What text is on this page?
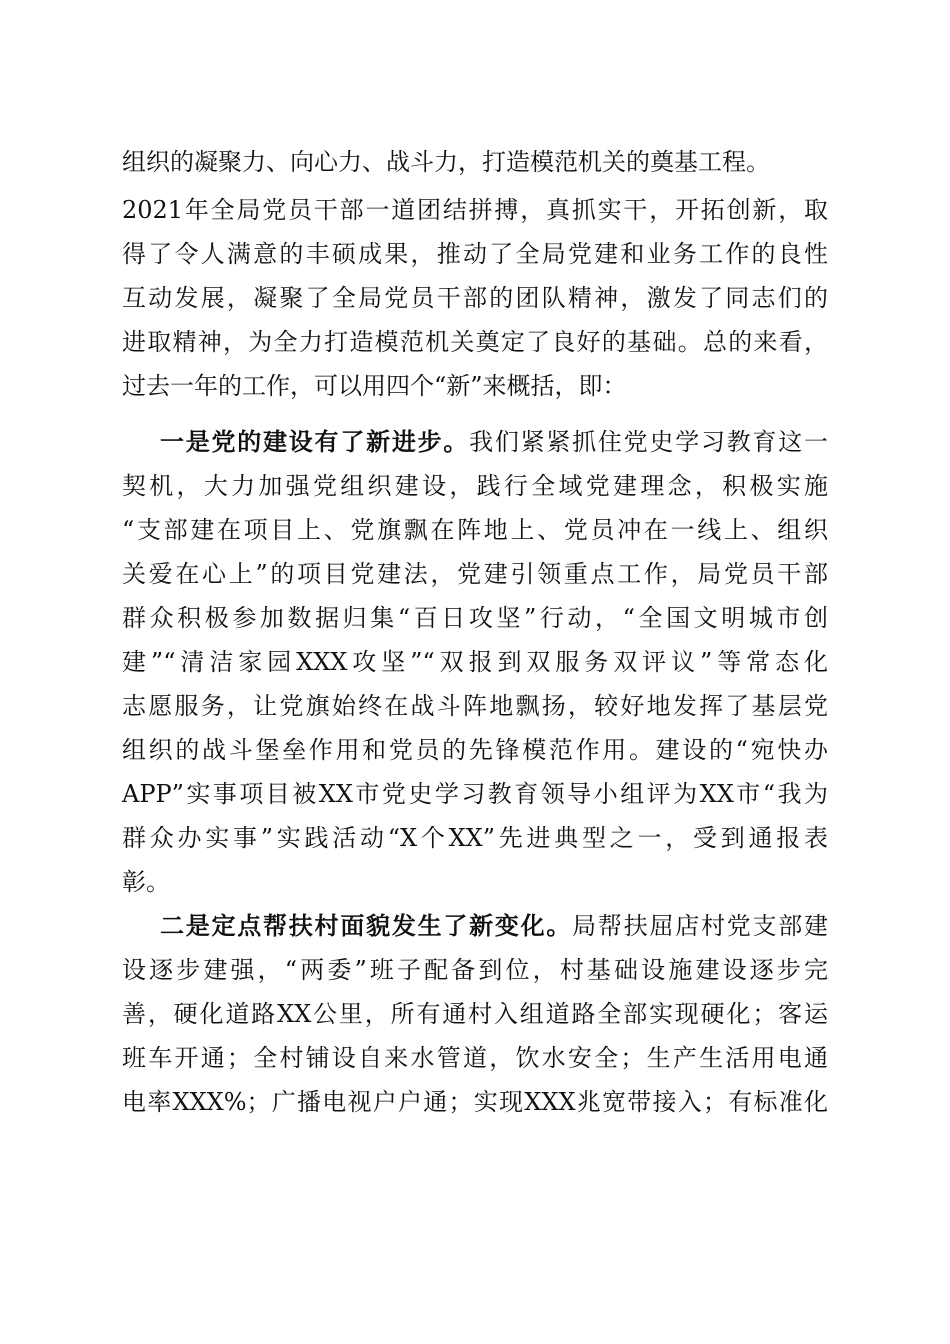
组织的凝聚力、向心力、战斗力，打造模范机关的奠基工程。
2021年全局党员干部一道团结拼搏，真抓实干，开拓创新，取
得了令人满意的丰硕成果，推动了全局党建和业务工作的良性
互动发展，凝聚了全局党员干部的团队精神，激发了同志们的
进取精神，为全力打造模范机关奠定了良好的基础。总的来看，
过去一年的工作，可以用四个“新”来概括，即：
一是党的建设有了新进步。我们紧紧抓住党史学习教育这一
契机，大力加强党组织建设，践行全域党建理念，积极实施
“支部建在项目上、党旗飘在阵地上、党员冲在一线上、组织
关爱在心上”的项目党建法，党建引领重点工作，局党员干部
群众积极参加数据归集“百日攻坚”行动，“全国文明城市创
建”“清洁家园XXX攻坚”“双报到双服务双评议”等常态化
志愿服务，让党旗始终在战斗阵地飘扬，较好地发挥了基层党
组织的战斗堡垒作用和党员的先锋模范作用。建设的“宛快办
APP”实事项目被XX市党史学习教育领导小组评为XX市“我为
群众办实事”实践活动“X个XX”先进典型之一，受到通报表
彰。
二是定点帮扶村面貌发生了新变化。局帮扶屈店村党支部建
设逐步建强，“两委”班子配备到位，村基础设施建设逐步完
善，硬化道路XX公里，所有通村入组道路全部实现硬化；客运
班车开通；全村铺设自来水管道，饮水安全；生产生活用电通
电率XXX%；广播电视户户通；实现XXX兆宽带接入；有标准化
